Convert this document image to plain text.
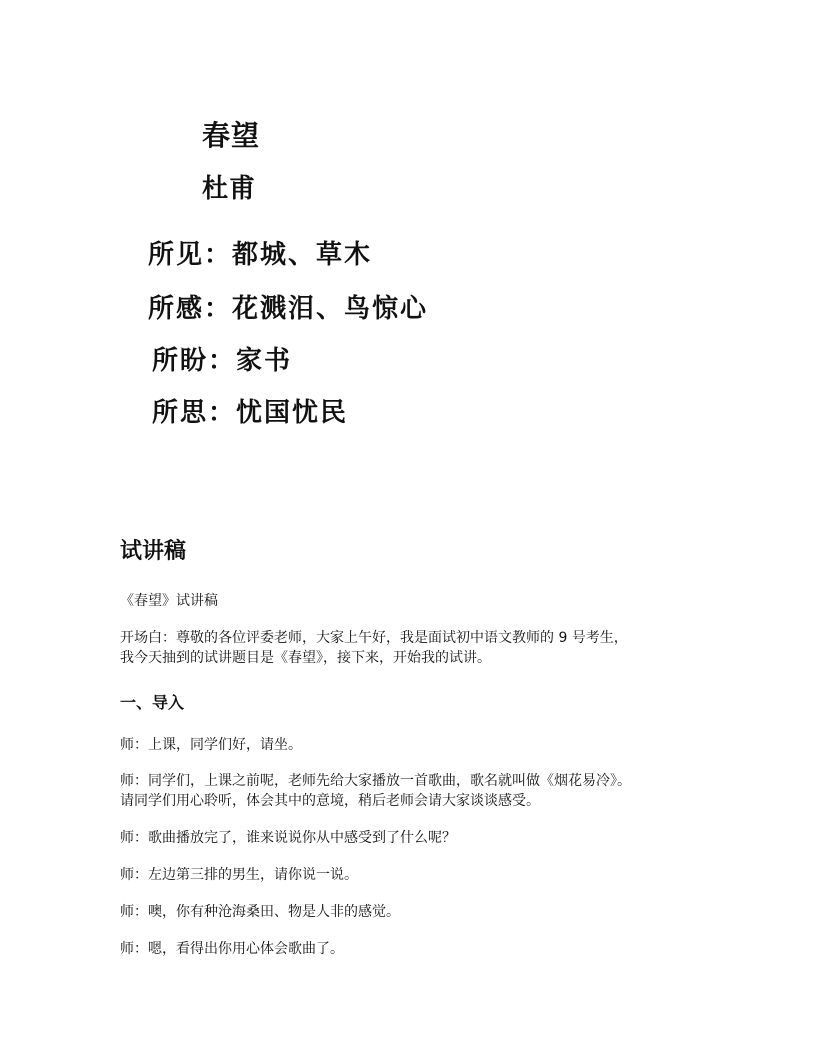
春望
杜甫
所见：都城、草木
所感：花溅泪、鸟惊心
所盼：家书
所思：忧国忧民
试讲稿
《春望》试讲稿
开场白：尊敬的各位评委老师，大家上午好，我是面试初中语文教师的 9 号考生，
我今天抽到的试讲题目是《春望》，接下来，开始我的试讲。
一、导入
师：上课，同学们好，请坐。
师：同学们，上课之前呢，老师先给大家播放一首歌曲，歌名就叫做《烟花易冷》。
请同学们用心聆听，体会其中的意境，稍后老师会请大家谈谈感受。
师：歌曲播放完了，谁来说说你从中感受到了什么呢？
师：左边第三排的男生，请你说一说。
师：噢，你有种沧海桑田、物是人非的感觉。
师：嗯，看得出你用心体会歌曲了。
